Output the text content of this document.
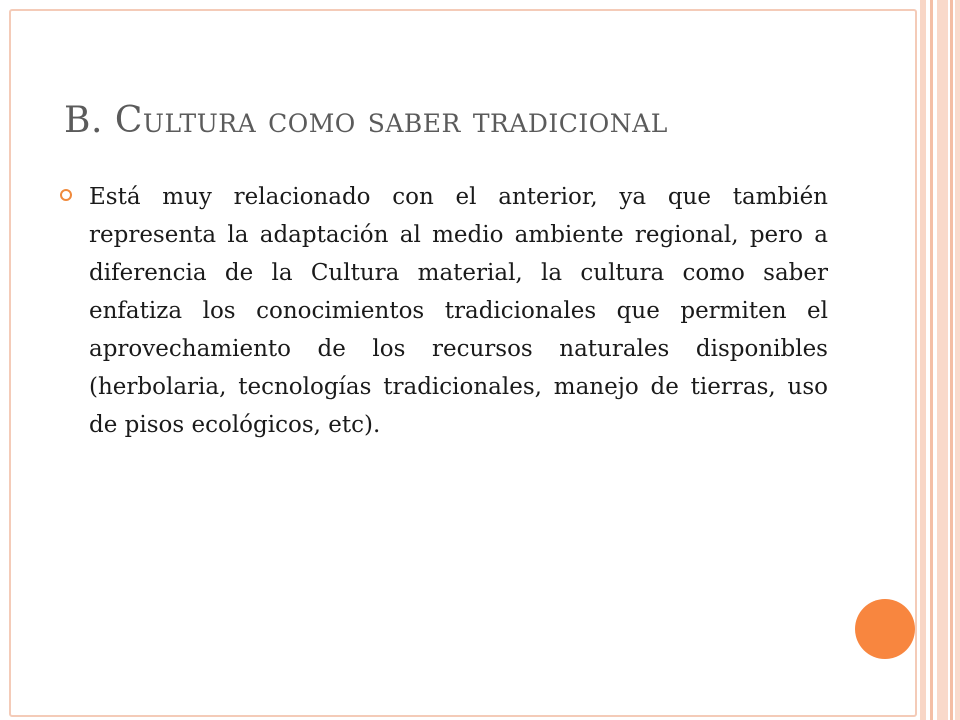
B. Cultura como saber tradicional

Está muy relacionado con el anterior, ya que también representa la adaptación al medio ambiente regional, pero a diferencia de la Cultura material, la cultura como saber enfatiza los conocimientos tradicionales que permiten el aprovechamiento de los recursos naturales disponibles (herbolaria, tecnologías tradicionales, manejo de tierras, uso de pisos ecológicos, etc).
